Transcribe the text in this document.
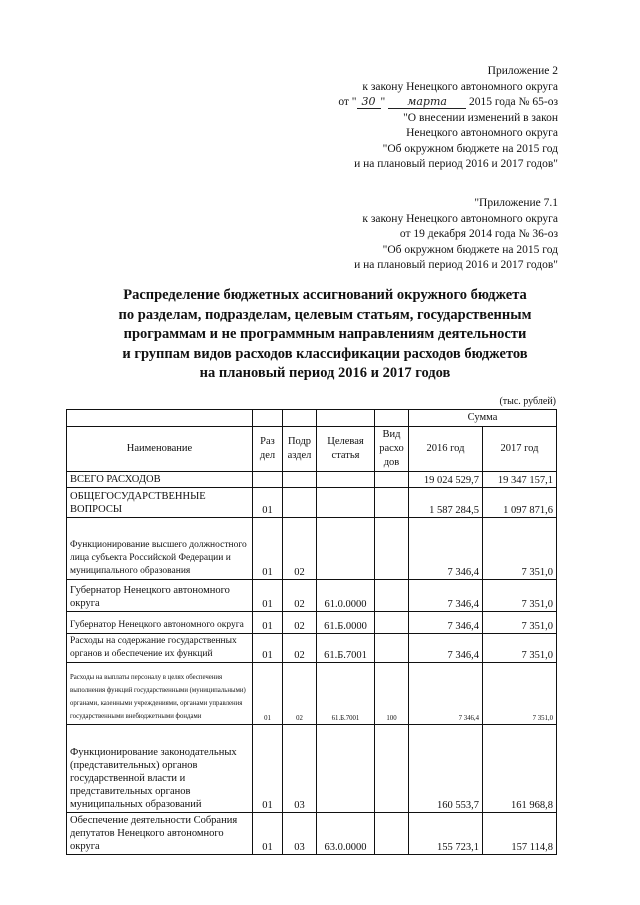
Приложение 2
к закону Ненецкого автономного округа
от " 30 " марта 2015 года № 65-оз
"О внесении изменений в закон
Ненецкого автономного округа
"Об окружном бюджете на 2015 год
и на плановый период 2016 и 2017 годов"
"Приложение 7.1
к закону Ненецкого автономного округа
от 19 декабря 2014 года № 36-оз
"Об окружном бюджете на 2015 год
и на плановый период 2016 и 2017 годов"
Распределение бюджетных ассигнований окружного бюджета
по разделам, подразделам, целевым статьям, государственным
программам и не программным направлениям деятельности
и группам видов расходов классификации расходов бюджетов
на плановый период 2016 и 2017 годов
(тыс. рублей)
					Сумма	
Наименование	Раз дел	Подр аздел	Целевая статья	Вид расхо дов	2016 год	2017 год
ВСЕГО РАСХОДОВ					19 024 529,7	19 347 157,1
ОБЩЕГОСУДАРСТВЕННЫЕ ВОПРОСЫ	01				1 587 284,5	1 097 871,6
Функционирование высшего должностного лица субъекта Российской Федерации и муниципального образования	01	02			7 346,4	7 351,0
Губернатор Ненецкого автономного округа	01	02	61.0.0000		7 346,4	7 351,0
Губернатор Ненецкого автономного округа	01	02	61.Б.0000		7 346,4	7 351,0
Расходы на содержание государственных органов и обеспечение их функций	01	02	61.Б.7001		7 346,4	7 351,0
Расходы на выплаты персоналу в целях обеспечения выполнения функций государственными (муниципальными) органами, казенными учреждениями, органами управления государственными внебюджетными фондами	01	02	61.Б.7001	100	7 346,4	7 351,0
Функционирование законодательных (представительных) органов государственной власти и представительных органов муниципальных образований	01	03			160 553,7	161 968,8
Обеспечение деятельности Собрания депутатов Ненецкого автономного округа	01	03	63.0.0000		155 723,1	157 114,8
